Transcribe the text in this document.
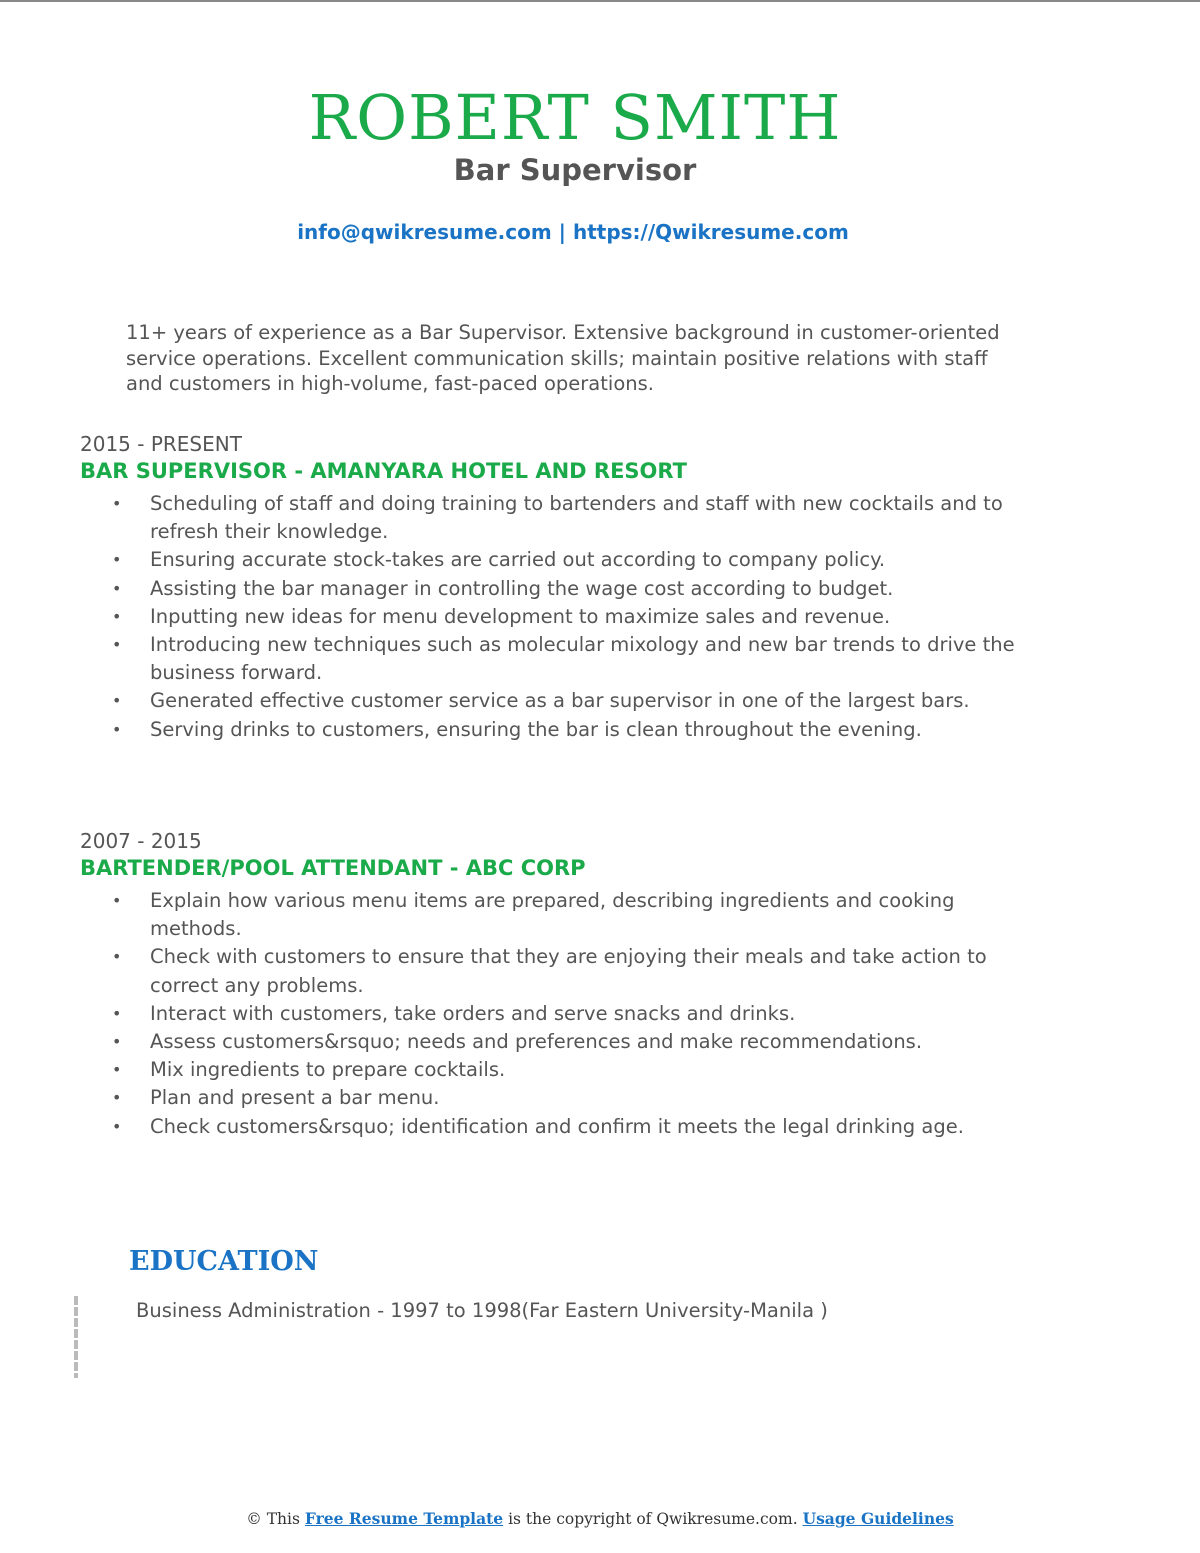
ROBERT SMITH
Bar Supervisor
info@qwikresume.com | https://Qwikresume.com
11+ years of experience as a Bar Supervisor. Extensive background in customer-oriented service operations. Excellent communication skills; maintain positive relations with staff and customers in high-volume, fast-paced operations.
2015 - PRESENT
BAR SUPERVISOR - AMANYARA HOTEL AND RESORT
• Scheduling of staff and doing training to bartenders and staff with new cocktails and to refresh their knowledge.
• Ensuring accurate stock-takes are carried out according to company policy.
• Assisting the bar manager in controlling the wage cost according to budget.
• Inputting new ideas for menu development to maximize sales and revenue.
• Introducing new techniques such as molecular mixology and new bar trends to drive the business forward.
• Generated effective customer service as a bar supervisor in one of the largest bars.
• Serving drinks to customers, ensuring the bar is clean throughout the evening.
2007 - 2015
BARTENDER/POOL ATTENDANT - ABC CORP
• Explain how various menu items are prepared, describing ingredients and cooking methods.
• Check with customers to ensure that they are enjoying their meals and take action to correct any problems.
• Interact with customers, take orders and serve snacks and drinks.
• Assess customers&rsquo; needs and preferences and make recommendations.
• Mix ingredients to prepare cocktails.
• Plan and present a bar menu.
• Check customers&rsquo; identification and confirm it meets the legal drinking age.
EDUCATION
Business Administration - 1997 to 1998(Far Eastern University-Manila )
© This Free Resume Template is the copyright of Qwikresume.com. Usage Guidelines
